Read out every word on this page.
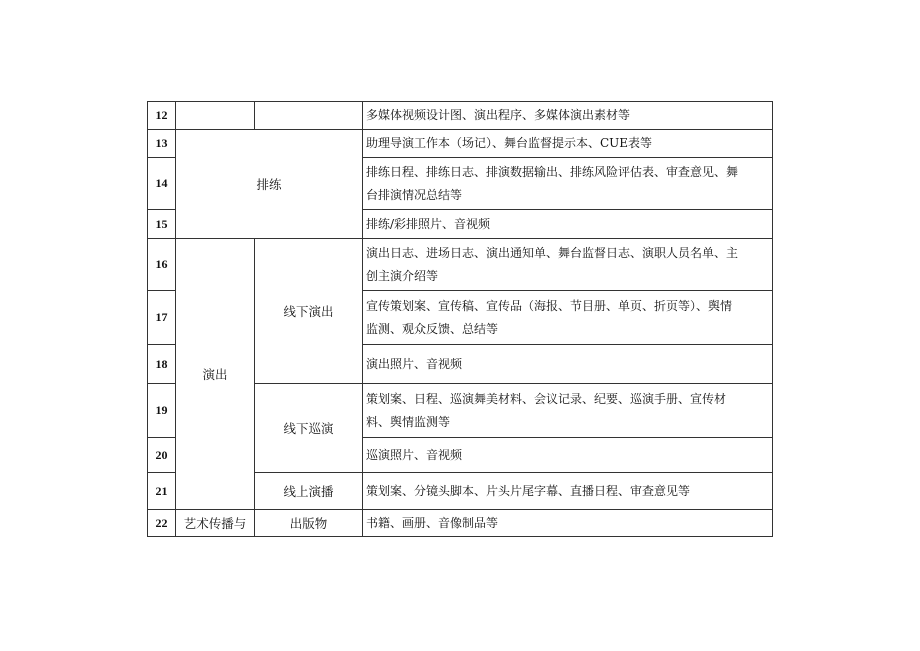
12			多媒体视频设计图、演出程序、多媒体演出素材等
13	排练		助理导演工作本（场记）、舞台监督提示本、CUE表等
14			排练日程、排练日志、排演数据输出、排练风险评估表、审查意见、舞
台排演情况总结等

15			排练/彩排照片、音视频
16	演出	线下演出	演出日志、进场日志、演出通知单、舞台监督日志、演职人员名单、主
创主演介绍等

17			宣传策划案、宣传稿、宣传品（海报、节目册、单页、折页等）、舆情
监测、观众反馈、总结等

18			演出照片、音视频
19		线下巡演	策划案、日程、巡演舞美材料、会议记录、纪要、巡演手册、宣传材
料、舆情监测等

20			巡演照片、音视频
21		线上演播	策划案、分镜头脚本、片头片尾字幕、直播日程、审查意见等
22	艺术传播与	出版物	书籍、画册、音像制品等
